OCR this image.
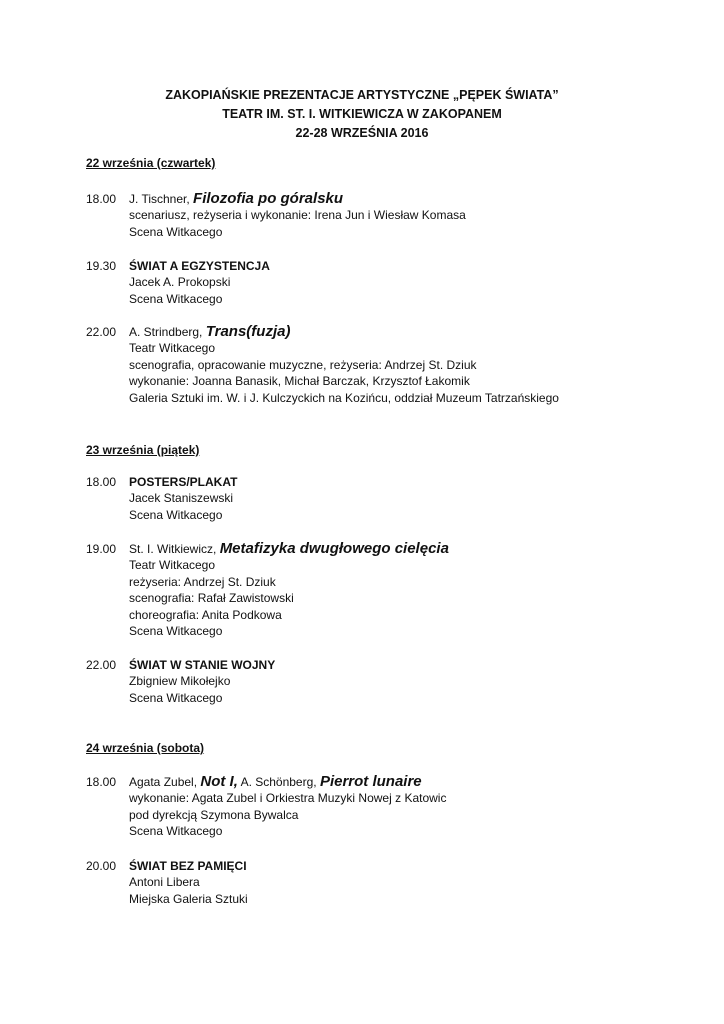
ZAKOPIAŃSKIE PREZENTACJE ARTYSTYCZNE „PĘPEK ŚWIATA”
TEATR IM. ST. I. WITKIEWICZA W ZAKOPANEM
22-28 WRZEŚNIA 2016
22 września (czwartek)
18.00	J. Tischner, Filozofia po góralsku
scenariusz, reżyseria i wykonanie: Irena Jun i Wiesław Komasa
Scena Witkacego
19.30	ŚWIAT A EGZYSTENCJA
Jacek A. Prokopski
Scena Witkacego
22.00	A. Strindberg, Trans(fuzja)
Teatr Witkacego
scenografia, opracowanie muzyczne, reżyseria: Andrzej St. Dziuk
wykonanie: Joanna Banasik, Michał Barczak, Krzysztof Łakomik
Galeria Sztuki im. W. i J. Kulczyckich na Kozińcu, oddział Muzeum Tatrzańskiego
23 września (piątek)
18.00	POSTERS/PLAKAT
Jacek Staniszewski
Scena Witkacego
19.00	St. I. Witkiewicz, Metafizyka dwugłowego cielęcia
Teatr Witkacego
reżyseria: Andrzej St. Dziuk
scenografia: Rafał Zawistowski
choreografia: Anita Podkowa
Scena Witkacego
22.00	ŚWIAT W STANIE WOJNY
Zbigniew Mikołejko
Scena Witkacego
24 września (sobota)
18.00	Agata Zubel, Not I, A. Schönberg, Pierrot lunaire
wykonanie: Agata Zubel i Orkiestra Muzyki Nowej z Katowic
pod dyrekcją Szymona Bywalca
Scena Witkacego
20.00	ŚWIAT BEZ PAMIĘCI
Antoni Libera
Miejska Galeria Sztuki
